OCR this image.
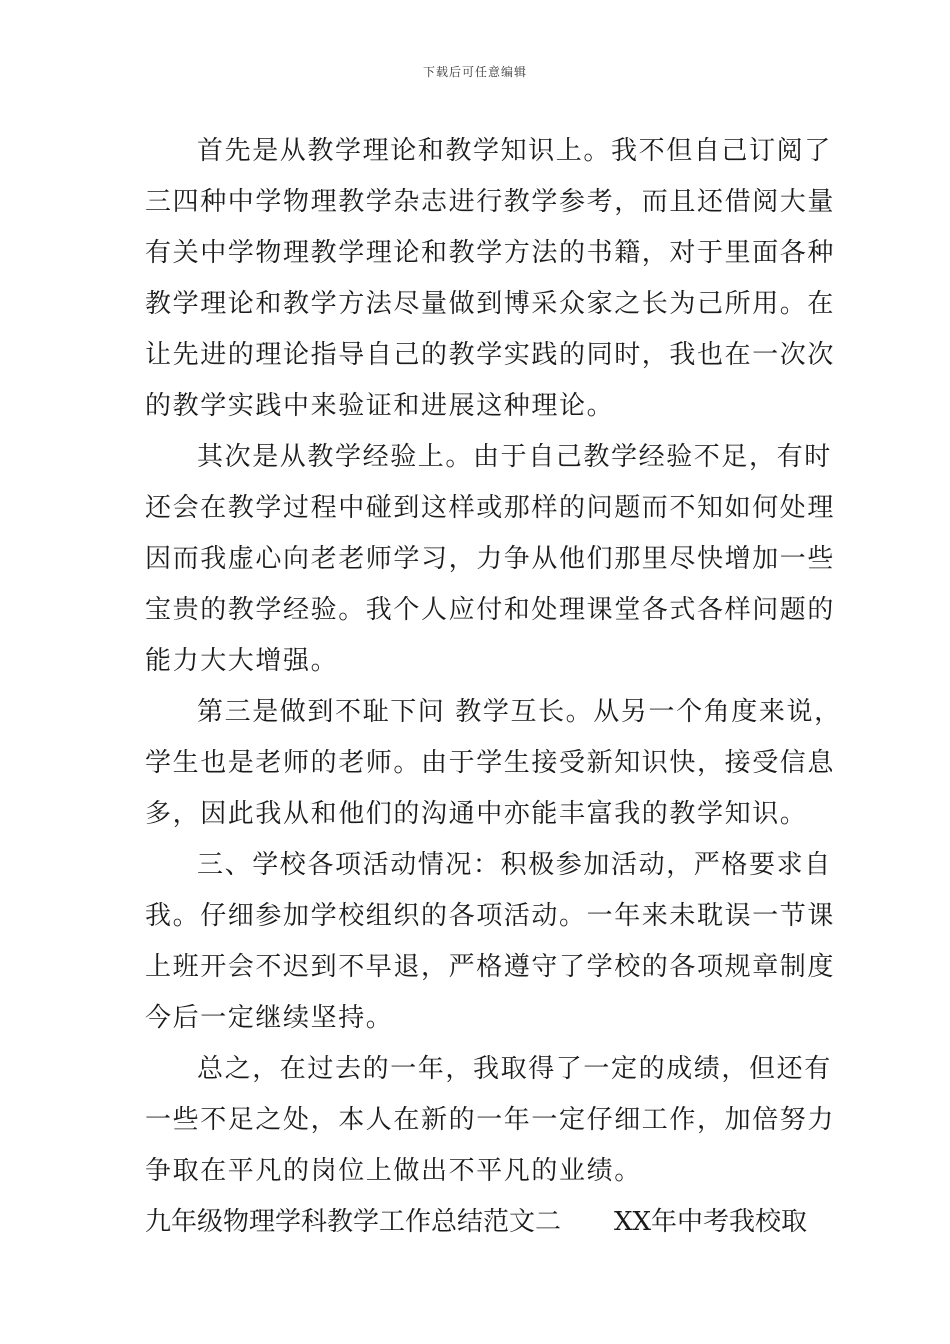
下载后可任意编辑
首先是从教学理论和教学知识上。我不但自己订阅了
三四种中学物理教学杂志进行教学参考，而且还借阅大量
有关中学物理教学理论和教学方法的书籍，对于里面各种
教学理论和教学方法尽量做到博采众家之长为己所用。在
让先进的理论指导自己的教学实践的同时，我也在一次次
的教学实践中来验证和进展这种理论。
其次是从教学经验上。由于自己教学经验不足，有时
还会在教学过程中碰到这样或那样的问题而不知如何处理
因而我虚心向老老师学习，力争从他们那里尽快增加一些
宝贵的教学经验。我个人应付和处理课堂各式各样问题的
能力大大增强。
第三是做到不耻下问 教学互长。从另一个角度来说，
学生也是老师的老师。由于学生接受新知识快，接受信息
多，因此我从和他们的沟通中亦能丰富我的教学知识。
三、学校各项活动情况：积极参加活动，严格要求自
我。仔细参加学校组织的各项活动。一年来未耽误一节课
上班开会不迟到不早退，严格遵守了学校的各项规章制度
今后一定继续坚持。
总之，在过去的一年，我取得了一定的成绩，但还有
一些不足之处，本人在新的一年一定仔细工作，加倍努力
争取在平凡的岗位上做出不平凡的业绩。
九年级物理学科教学工作总结范文二 XX年中考我校取
